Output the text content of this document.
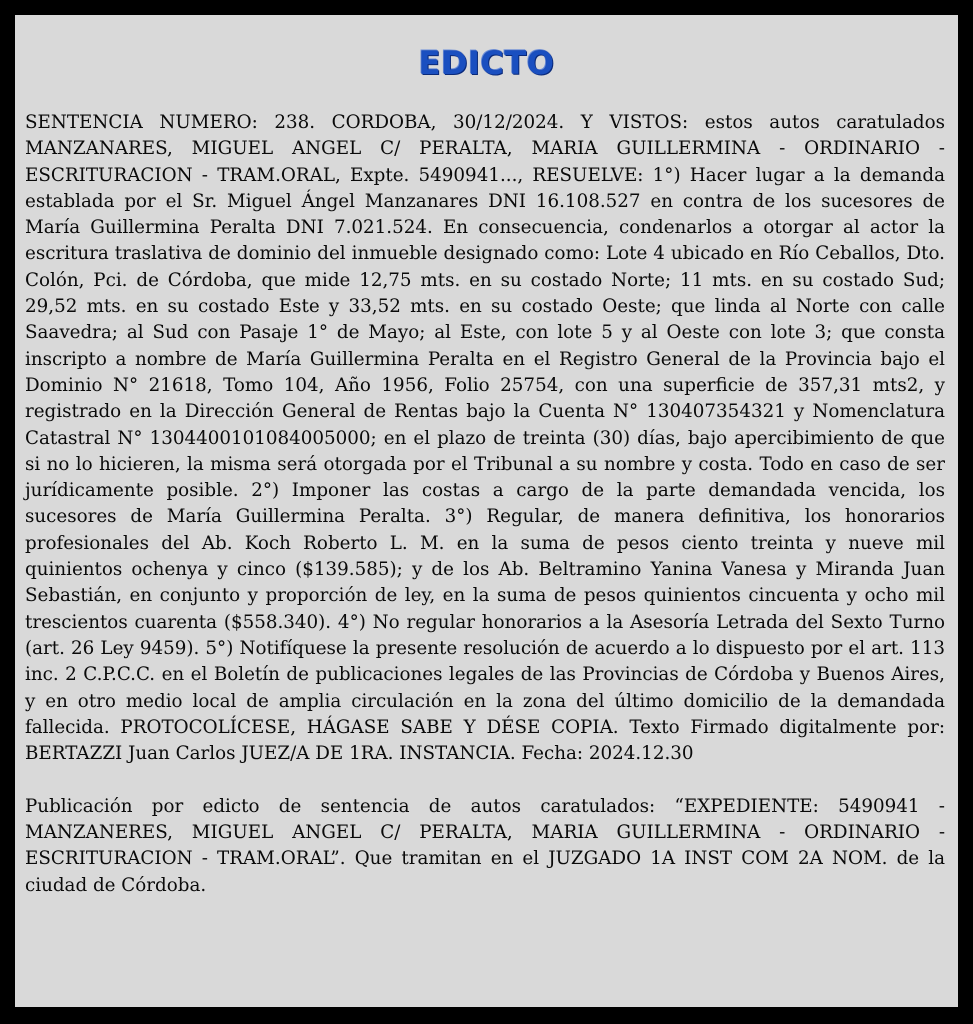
EDICTO

SENTENCIA NUMERO: 238. CORDOBA, 30/12/2024. Y VISTOS: estos autos caratulados MANZANARES, MIGUEL ANGEL C/ PERALTA, MARIA GUILLERMINA - ORDINARIO - ESCRITURACION - TRAM.ORAL, Expte. 5490941..., RESUELVE: 1°) Hacer lugar a la demanda establada por el Sr. Miguel Ángel Manzanares DNI 16.108.527 en contra de los sucesores de María Guillermina Peralta DNI 7.021.524. En consecuencia, condenarlos a otorgar al actor la escritura traslativa de dominio del inmueble designado como: Lote 4 ubicado en Río Ceballos, Dto. Colón, Pci. de Córdoba, que mide 12,75 mts. en su costado Norte; 11 mts. en su costado Sud; 29,52 mts. en su costado Este y 33,52 mts. en su costado Oeste; que linda al Norte con calle Saavedra; al Sud con Pasaje 1° de Mayo; al Este, con lote 5 y al Oeste con lote 3; que consta inscripto a nombre de María Guillermina Peralta en el Registro General de la Provincia bajo el Dominio N° 21618, Tomo 104, Año 1956, Folio 25754, con una superficie de 357,31 mts2, y registrado en la Dirección General de Rentas bajo la Cuenta N° 130407354321 y Nomenclatura Catastral N° 1304400101084005000; en el plazo de treinta (30) días, bajo apercibimiento de que si no lo hicieren, la misma será otorgada por el Tribunal a su nombre y costa. Todo en caso de ser jurídicamente posible. 2°) Imponer las costas a cargo de la parte demandada vencida, los sucesores de María Guillermina Peralta. 3°) Regular, de manera definitiva, los honorarios profesionales del Ab. Koch Roberto L. M. en la suma de pesos ciento treinta y nueve mil quinientos ochenya y cinco ($139.585); y de los Ab. Beltramino Yanina Vanesa y Miranda Juan Sebastián, en conjunto y proporción de ley, en la suma de pesos quinientos cincuenta y ocho mil trescientos cuarenta ($558.340). 4°) No regular honorarios a la Asesoría Letrada del Sexto Turno (art. 26 Ley 9459). 5°) Notifíquese la presente resolución de acuerdo a lo dispuesto por el art. 113 inc. 2 C.P.C.C. en el Boletín de publicaciones legales de las Provincias de Córdoba y Buenos Aires, y en otro medio local de amplia circulación en la zona del último domicilio de la demandada fallecida. PROTOCOLÍCESE, HÁGASE SABE Y DÉSE COPIA. Texto Firmado digitalmente por: BERTAZZI Juan Carlos JUEZ/A DE 1RA. INSTANCIA. Fecha: 2024.12.30

Publicación por edicto de sentencia de autos caratulados: “EXPEDIENTE: 5490941 - MANZANERES, MIGUEL ANGEL C/ PERALTA, MARIA GUILLERMINA - ORDINARIO - ESCRITURACION - TRAM.ORAL”. Que tramitan en el JUZGADO 1A INST COM 2A NOM. de la ciudad de Córdoba.
